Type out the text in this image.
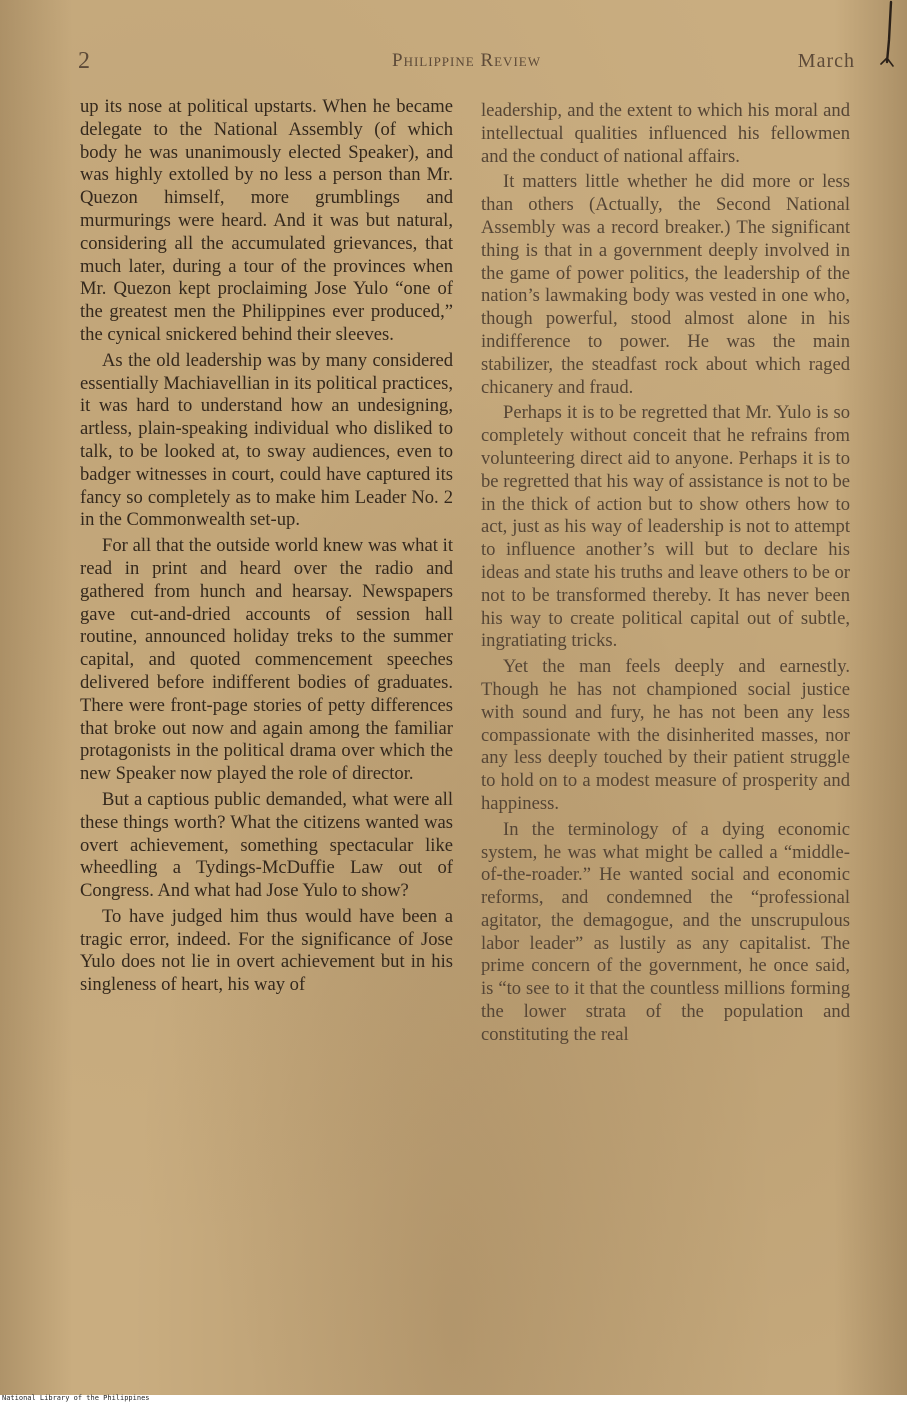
2	Philippine Review	March

up its nose at political upstarts. When he became delegate to the National Assembly (of which body he was unanimously elected Speaker), and was highly extolled by no less a person than Mr. Quezon himself, more grumblings and murmurings were heard. And it was but natural, considering all the accumulated grievances, that much later, during a tour of the provinces when Mr. Quezon kept proclaiming Jose Yulo “one of the greatest men the Philippines ever produced,” the cynical snickered behind their sleeves.

As the old leadership was by many considered essentially Machiavellian in its political practices, it was hard to understand how an undesigning, artless, plain-speaking individual who disliked to talk, to be looked at, to sway audiences, even to badger witnesses in court, could have captured its fancy so completely as to make him Leader No. 2 in the Commonwealth set-up.

For all that the outside world knew was what it read in print and heard over the radio and gathered from hunch and hearsay. Newspapers gave cut-and-dried accounts of session hall routine, announced holiday treks to the summer capital, and quoted commencement speeches delivered before indifferent bodies of graduates. There were front-page stories of petty differences that broke out now and again among the familiar protagonists in the political drama over which the new Speaker now played the role of director.

But a captious public demanded, what were all these things worth? What the citizens wanted was overt achievement, something spectacular like wheedling a Tydings-McDuffie Law out of Congress. And what had Jose Yulo to show?

To have judged him thus would have been a tragic error, indeed. For the significance of Jose Yulo does not lie in overt achievement but in his singleness of heart, his way of

leadership, and the extent to which his moral and intellectual qualities influenced his fellowmen and the conduct of national affairs.

It matters little whether he did more or less than others (Actually, the Second National Assembly was a record breaker.) The significant thing is that in a government deeply involved in the game of power politics, the leadership of the nation’s lawmaking body was vested in one who, though powerful, stood almost alone in his indifference to power. He was the main stabilizer, the steadfast rock about which raged chicanery and fraud.

Perhaps it is to be regretted that Mr. Yulo is so completely without conceit that he refrains from volunteering direct aid to anyone. Perhaps it is to be regretted that his way of assistance is not to be in the thick of action but to show others how to act, just as his way of leadership is not to attempt to influence another’s will but to declare his ideas and state his truths and leave others to be or not to be transformed thereby. It has never been his way to create political capital out of subtle, ingratiating tricks.

Yet the man feels deeply and earnestly. Though he has not championed social justice with sound and fury, he has not been any less compassionate with the disinherited masses, nor any less deeply touched by their patient struggle to hold on to a modest measure of prosperity and happiness.

In the terminology of a dying economic system, he was what might be called a “middle-of-the-roader.” He wanted social and economic reforms, and condemned the “professional agitator, the demagogue, and the unscrupulous labor leader” as lustily as any capitalist. The prime concern of the government, he once said, is “to see to it that the countless millions forming the lower strata of the population and constituting the real

National Library of the Philippines
